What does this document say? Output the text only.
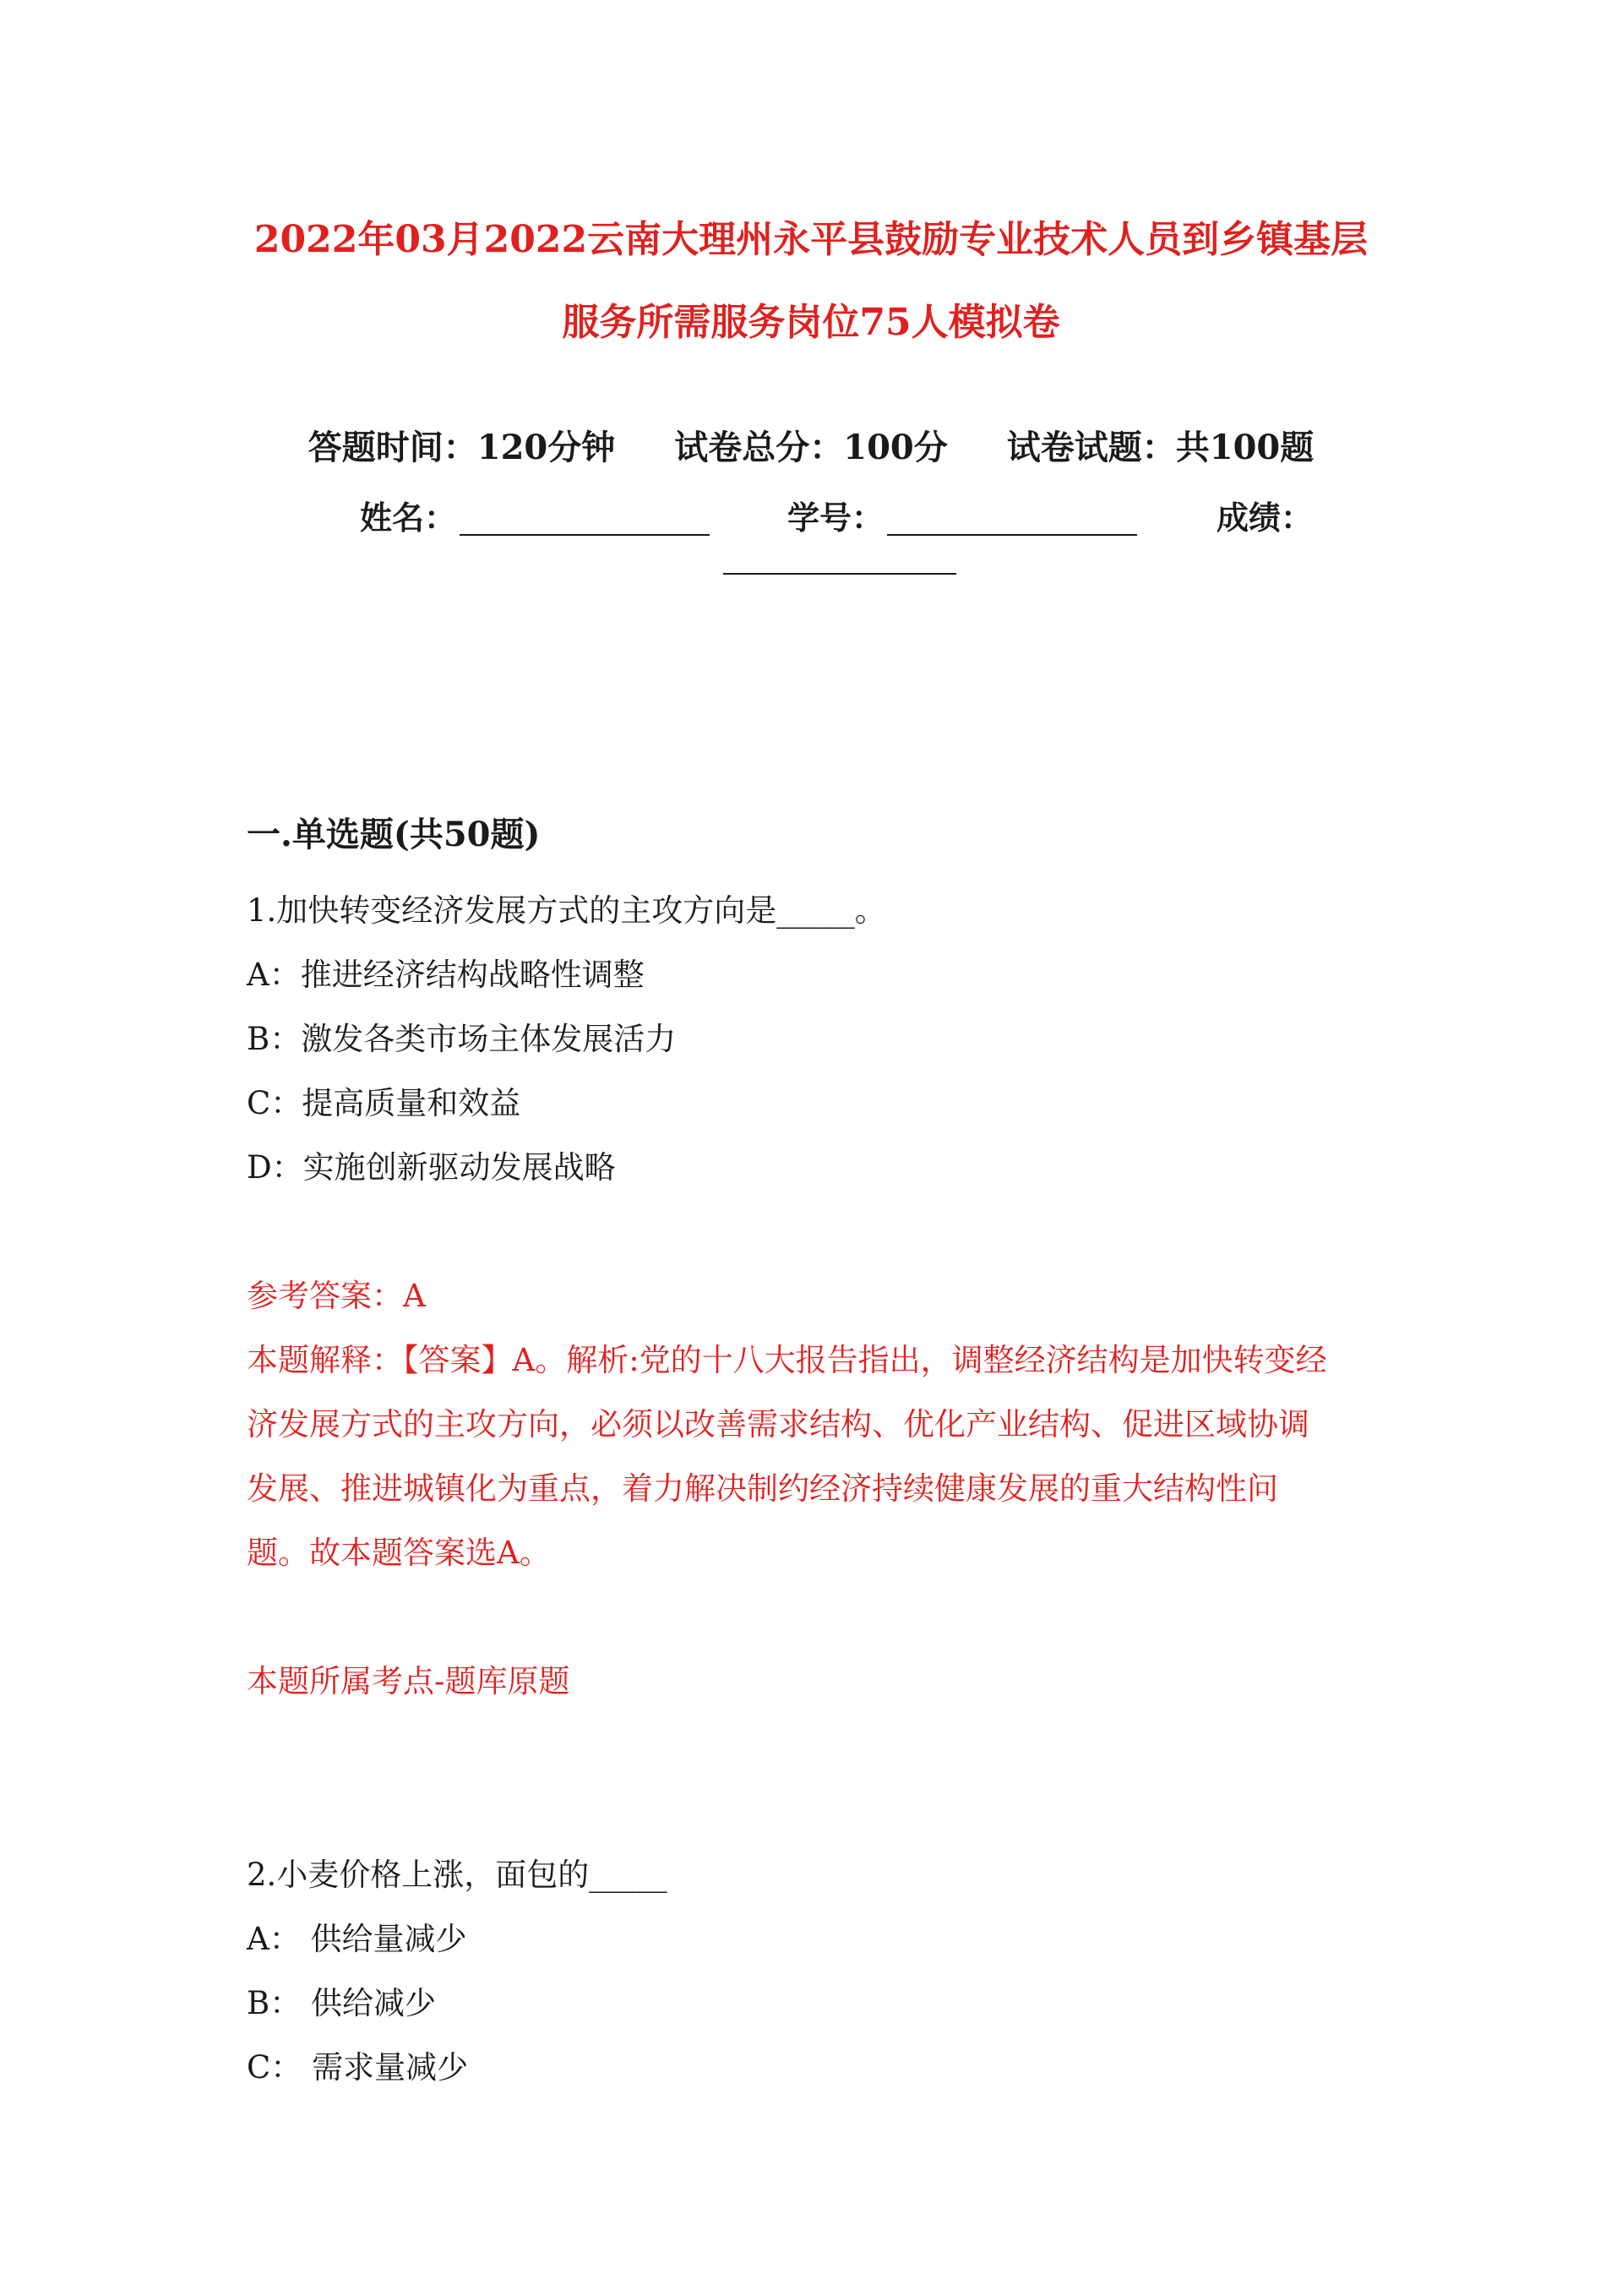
2022年03月2022云南大理州永平县鼓励专业技术人员到乡镇基层
服务所需服务岗位75人模拟卷
答题时间：120分钟 试卷总分：100分 试卷试题：共100题
姓名：	学号：	成绩：
一.单选题(共50题)
1.加快转变经济发展方式的主攻方向是_____。
A：推进经济结构战略性调整
B：激发各类市场主体发展活力
C：提高质量和效益
D：实施创新驱动发展战略
参考答案：A
本题解释：【答案】A。解析:党的十八大报告指出，调整经济结构是加快转变经
济发展方式的主攻方向，必须以改善需求结构、优化产业结构、促进区域协调
发展、推进城镇化为重点，着力解决制约经济持续健康发展的重大结构性问
题。故本题答案选A。
本题所属考点-题库原题
2.小麦价格上涨，面包的_____
A： 供给量减少
B： 供给减少
C： 需求量减少
